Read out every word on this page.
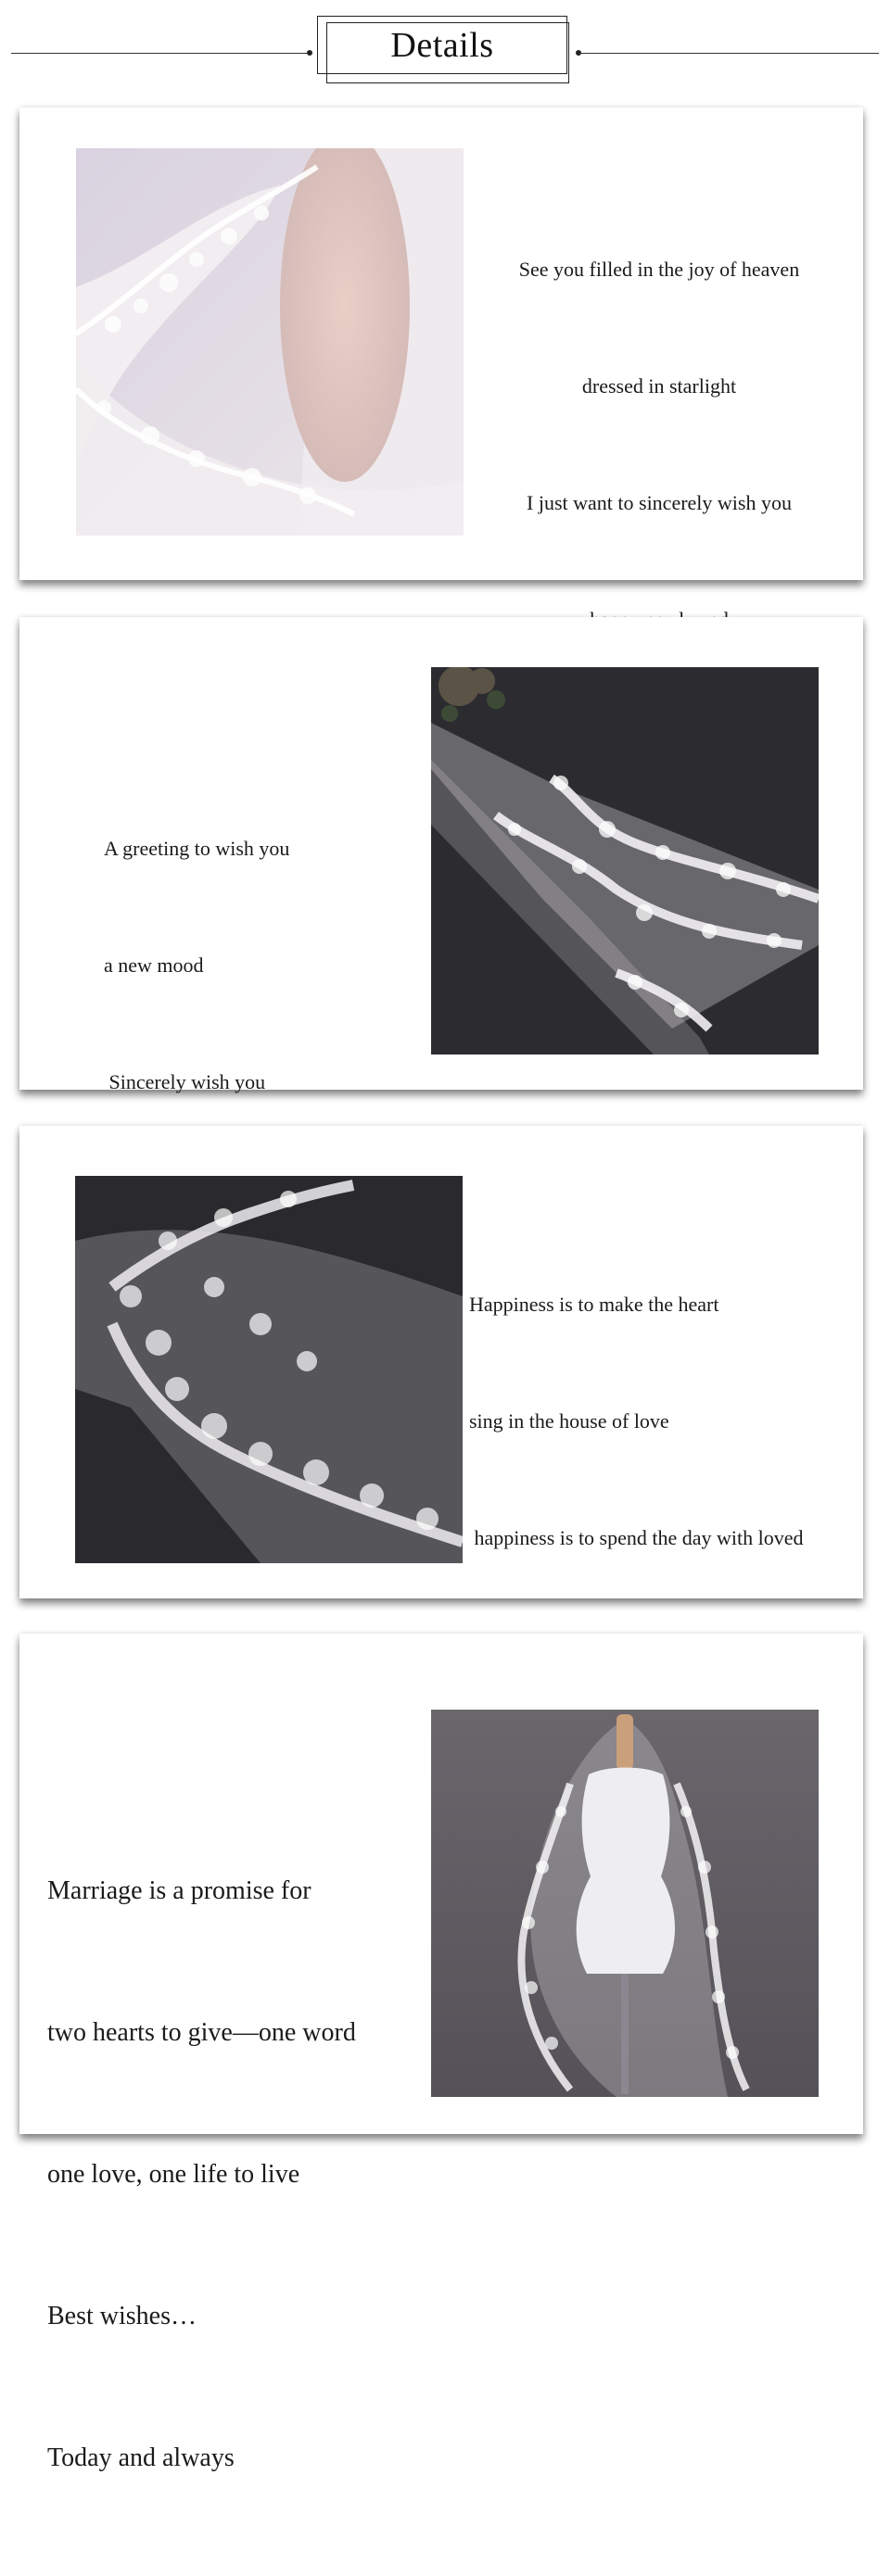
Details

See you filled in the joy of heaven

dressed in starlight

I just want to sincerely wish you

A greeting to wish you

a new mood

Sincerely wish you

Happiness is to make the heart

sing in the house of love

happiness is to spend the day with loved

Marriage is a promise for

two hearts to give—one word

one love, one life to live

Best wishes…

Today and always
